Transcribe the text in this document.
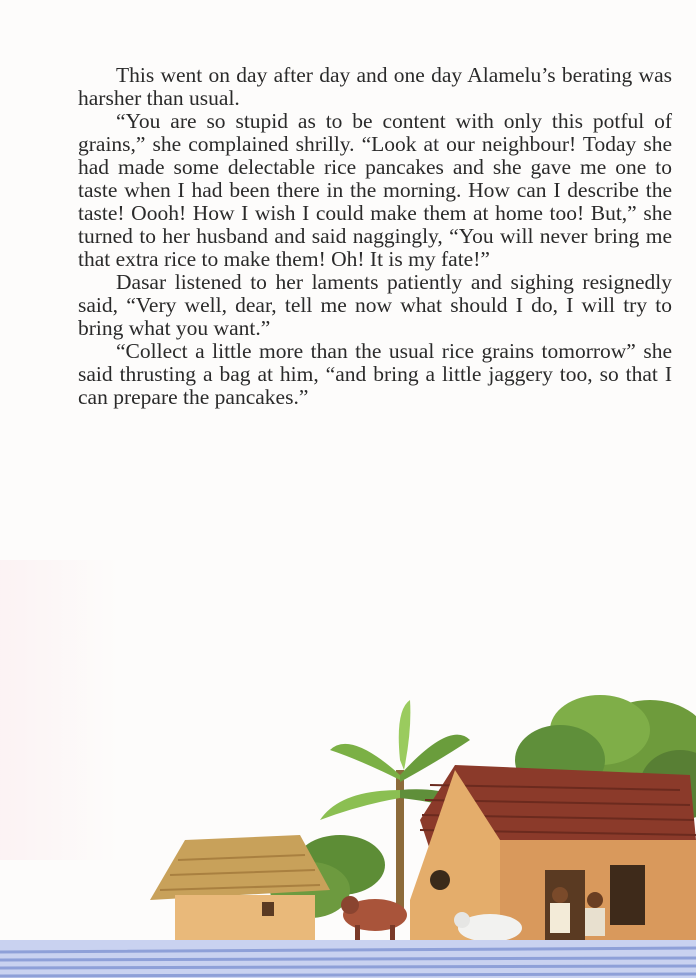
This went on day after day and one day Alamelu’s berating was harsher than usual.

“You are so stupid as to be content with only this potful of grains,” she complained shrilly. “Look at our neighbour! Today she had made some delectable rice pancakes and she gave me one to taste when I had been there in the morning. How can I describe the taste! Oooh! How I wish I could make them at home too! But,” she turned to her husband and said naggingly, “You will never bring me that extra rice to make them! Oh! It is my fate!”

Dasar listened to her laments patiently and sighing resignedly said, “Very well, dear, tell me now what should I do, I will try to bring what you want.”

“Collect a little more than the usual rice grains tomorrow” she said thrusting a bag at him, “and bring a little jaggery too, so that I can prepare the pancakes.”
